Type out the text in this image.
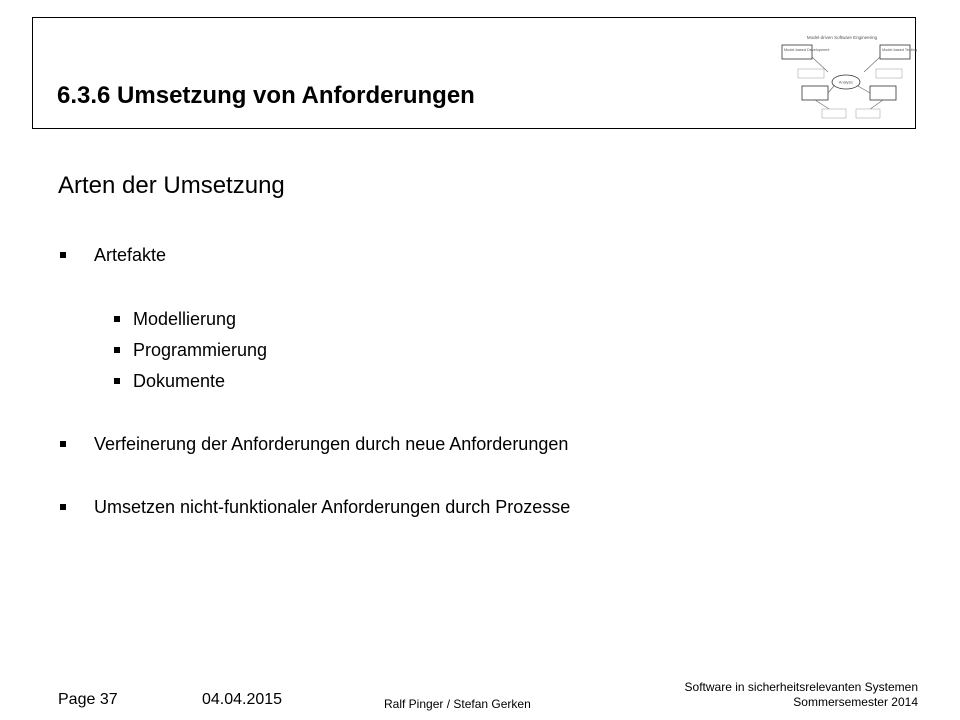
6.3.6 Umsetzung von Anforderungen
Model-driven Software Engineering
Model-based Development	Model-based Testing
Analysis
Arten der Umsetzung
Artefakte
Modellierung
Programmierung
Dokumente
Verfeinerung der Anforderungen durch neue Anforderungen
Umsetzen nicht-funktionaler Anforderungen durch Prozesse
Page 37	04.04.2015	Ralf Pinger / Stefan Gerken
Software in sicherheitsrelevanten Systemen
Sommersemester 2014
